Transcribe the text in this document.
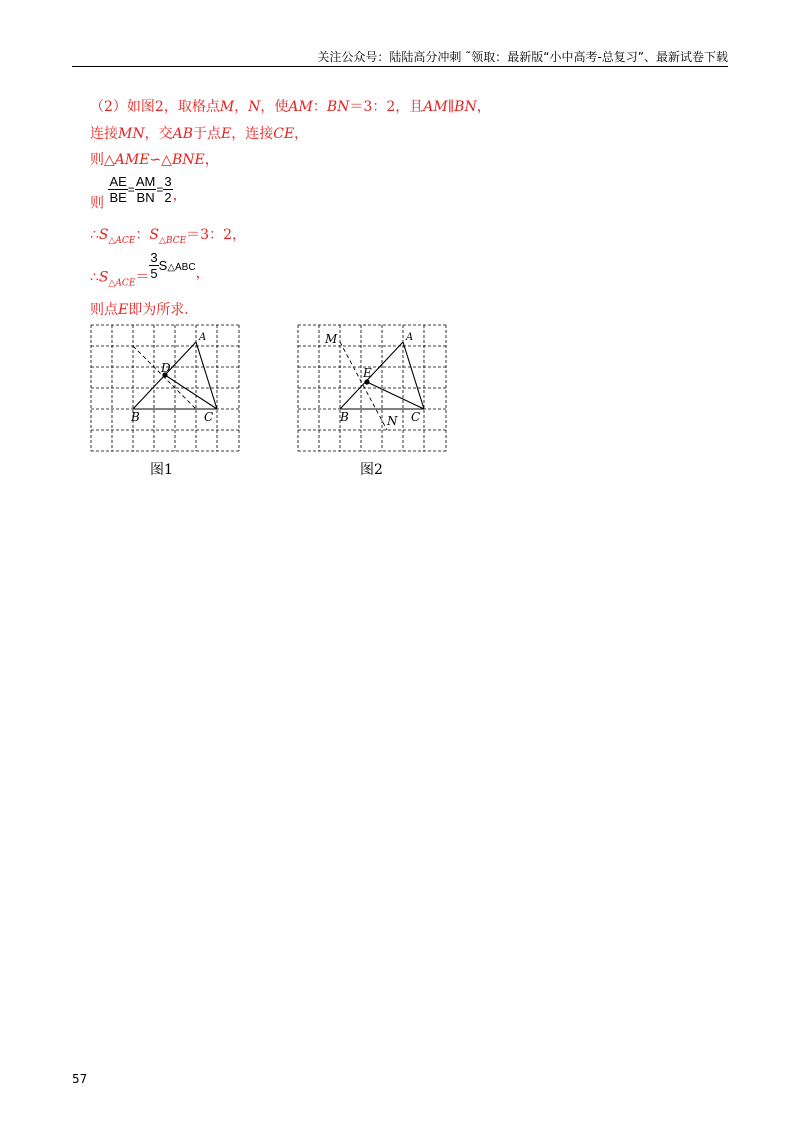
关注公众号：陆陆高分冲刺 ˜领取：最新版“小中高考-总复习”、最新试卷下载
（2）如图2，取格点M，N，使AM：BN＝3：2，且AM∥BN，
连接MN，交AB于点E，连接CE，
则△AME∽△BNE，
则 $\frac{AE}{BE} = \frac{AM}{BN} = \frac{3}{2}$ ，
$\therefore S_{\triangle ACE}$：$S_{\triangle BCE}=3$：2，
$\therefore S_{\triangle ACE}= \frac{3}{5}$ S△ABC，
则点E即为所求.
A
B	C
D
图1
M	A
E
B	N C
图2
57
